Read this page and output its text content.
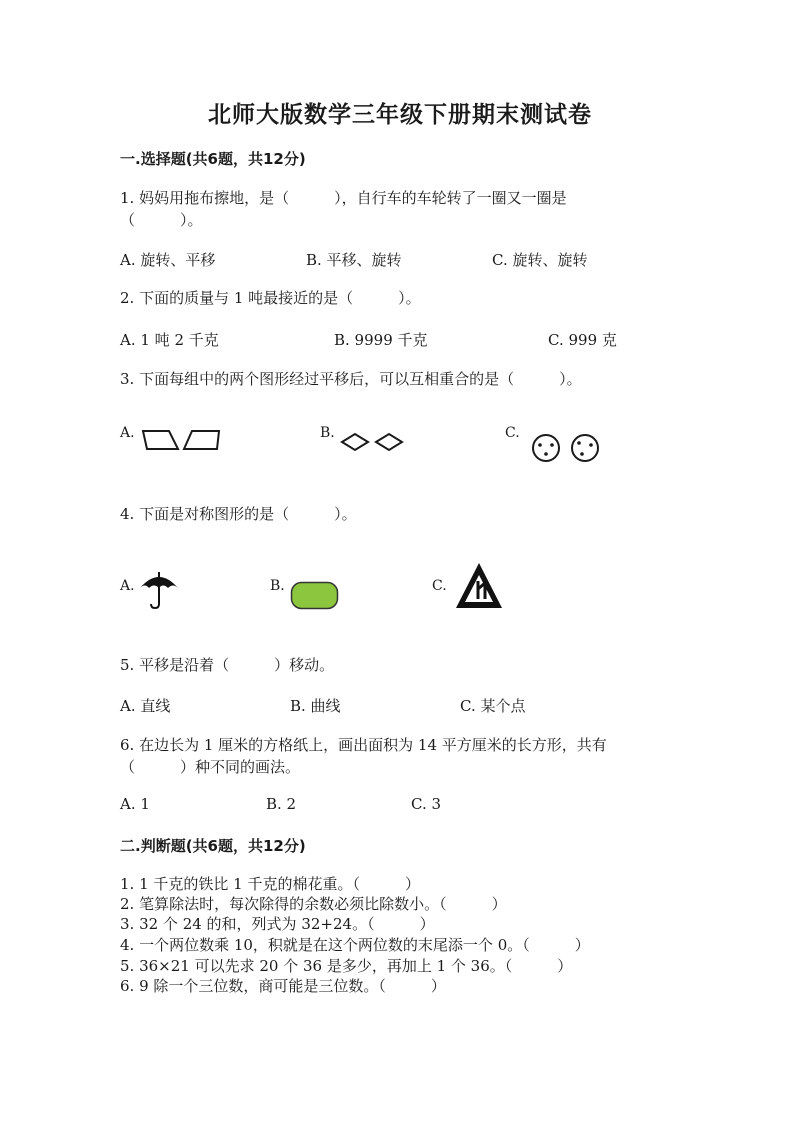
北师大版数学三年级下册期末测试卷
一.选择题(共6题，共12分)
1. 妈妈用拖布擦地，是（　　　），自行车的车轮转了一圈又一圈是
（　　　）。
A. 旋转、平移	B. 平移、旋转	C. 旋转、旋转
2. 下面的质量与 1 吨最接近的是（　　　）。
A. 1 吨 2 千克	B. 9999 千克	C. 999 克
3. 下面每组中的两个图形经过平移后，可以互相重合的是（　　　）。
A.	B.	C.
4. 下面是对称图形的是（　　　）。
A.	B.	C.
5. 平移是沿着（　　　）移动。
A. 直线	B. 曲线	C. 某个点
6. 在边长为 1 厘米的方格纸上，画出面积为 14 平方厘米的长方形，共有
（　　　）种不同的画法。
A. 1	B. 2	C. 3
二.判断题(共6题，共12分)
1. 1 千克的铁比 1 千克的棉花重。（　　　）
2. 笔算除法时，每次除得的余数必须比除数小。（　　　）
3. 32 个 24 的和，列式为 32+24。（　　　）
4. 一个两位数乘 10，积就是在这个两位数的末尾添一个 0。（　　　）
5. 36×21 可以先求 20 个 36 是多少，再加上 1 个 36。（　　　）
6. 9 除一个三位数，商可能是三位数。（　　　）
